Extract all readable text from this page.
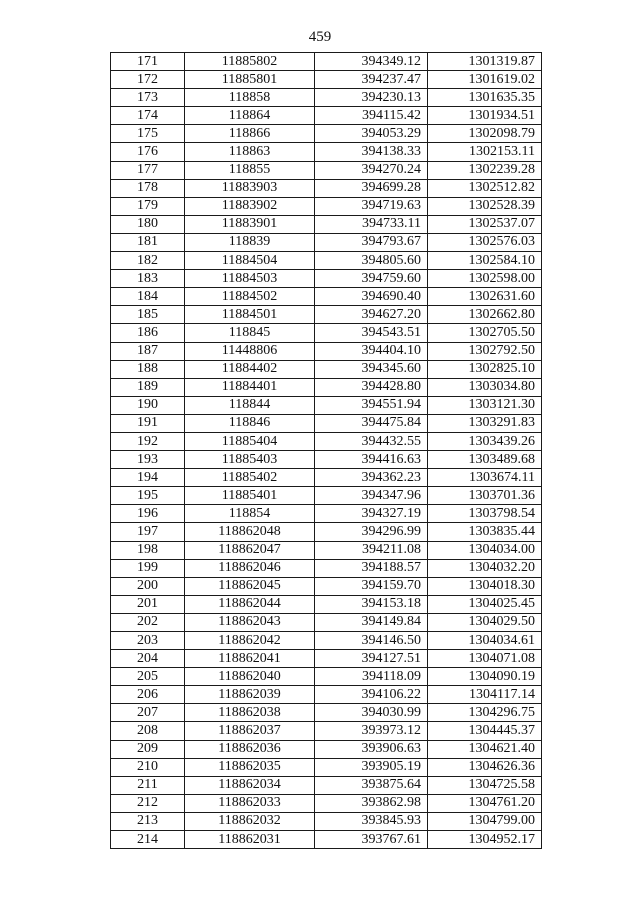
459
171	11885802	394349.12	1301319.87
172	11885801	394237.47	1301619.02
173	118858	394230.13	1301635.35
174	118864	394115.42	1301934.51
175	118866	394053.29	1302098.79
176	118863	394138.33	1302153.11
177	118855	394270.24	1302239.28
178	11883903	394699.28	1302512.82
179	11883902	394719.63	1302528.39
180	11883901	394733.11	1302537.07
181	118839	394793.67	1302576.03
182	11884504	394805.60	1302584.10
183	11884503	394759.60	1302598.00
184	11884502	394690.40	1302631.60
185	11884501	394627.20	1302662.80
186	118845	394543.51	1302705.50
187	11448806	394404.10	1302792.50
188	11884402	394345.60	1302825.10
189	11884401	394428.80	1303034.80
190	118844	394551.94	1303121.30
191	118846	394475.84	1303291.83
192	11885404	394432.55	1303439.26
193	11885403	394416.63	1303489.68
194	11885402	394362.23	1303674.11
195	11885401	394347.96	1303701.36
196	118854	394327.19	1303798.54
197	118862048	394296.99	1303835.44
198	118862047	394211.08	1304034.00
199	118862046	394188.57	1304032.20
200	118862045	394159.70	1304018.30
201	118862044	394153.18	1304025.45
202	118862043	394149.84	1304029.50
203	118862042	394146.50	1304034.61
204	118862041	394127.51	1304071.08
205	118862040	394118.09	1304090.19
206	118862039	394106.22	1304117.14
207	118862038	394030.99	1304296.75
208	118862037	393973.12	1304445.37
209	118862036	393906.63	1304621.40
210	118862035	393905.19	1304626.36
211	118862034	393875.64	1304725.58
212	118862033	393862.98	1304761.20
213	118862032	393845.93	1304799.00
214	118862031	393767.61	1304952.17
